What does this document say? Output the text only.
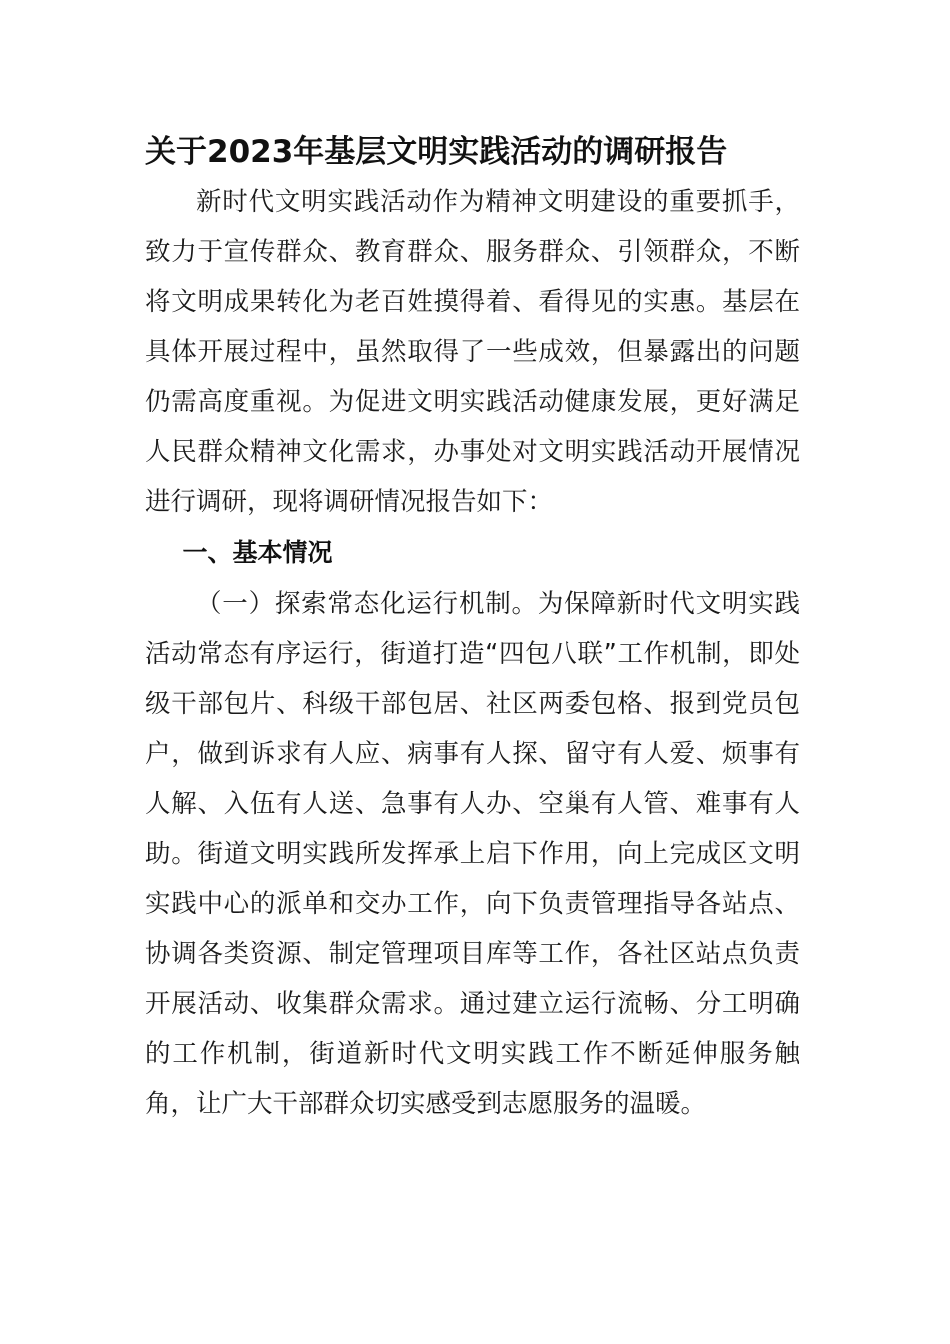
关于2023年基层文明实践活动的调研报告

新时代文明实践活动作为精神文明建设的重要抓手，致力于宣传群众、教育群众、服务群众、引领群众，不断将文明成果转化为老百姓摸得着、看得见的实惠。基层在具体开展过程中，虽然取得了一些成效，但暴露出的问题仍需高度重视。为促进文明实践活动健康发展，更好满足人民群众精神文化需求，办事处对文明实践活动开展情况进行调研，现将调研情况报告如下：

一、基本情况

（一）探索常态化运行机制。为保障新时代文明实践活动常态有序运行，街道打造“四包八联”工作机制，即处级干部包片、科级干部包居、社区两委包格、报到党员包户，做到诉求有人应、病事有人探、留守有人爱、烦事有人解、入伍有人送、急事有人办、空巢有人管、难事有人助。街道文明实践所发挥承上启下作用，向上完成区文明实践中心的派单和交办工作，向下负责管理指导各站点、协调各类资源、制定管理项目库等工作，各社区站点负责开展活动、收集群众需求。通过建立运行流畅、分工明确的工作机制，街道新时代文明实践工作不断延伸服务触角，让广大干部群众切实感受到志愿服务的温暖。
